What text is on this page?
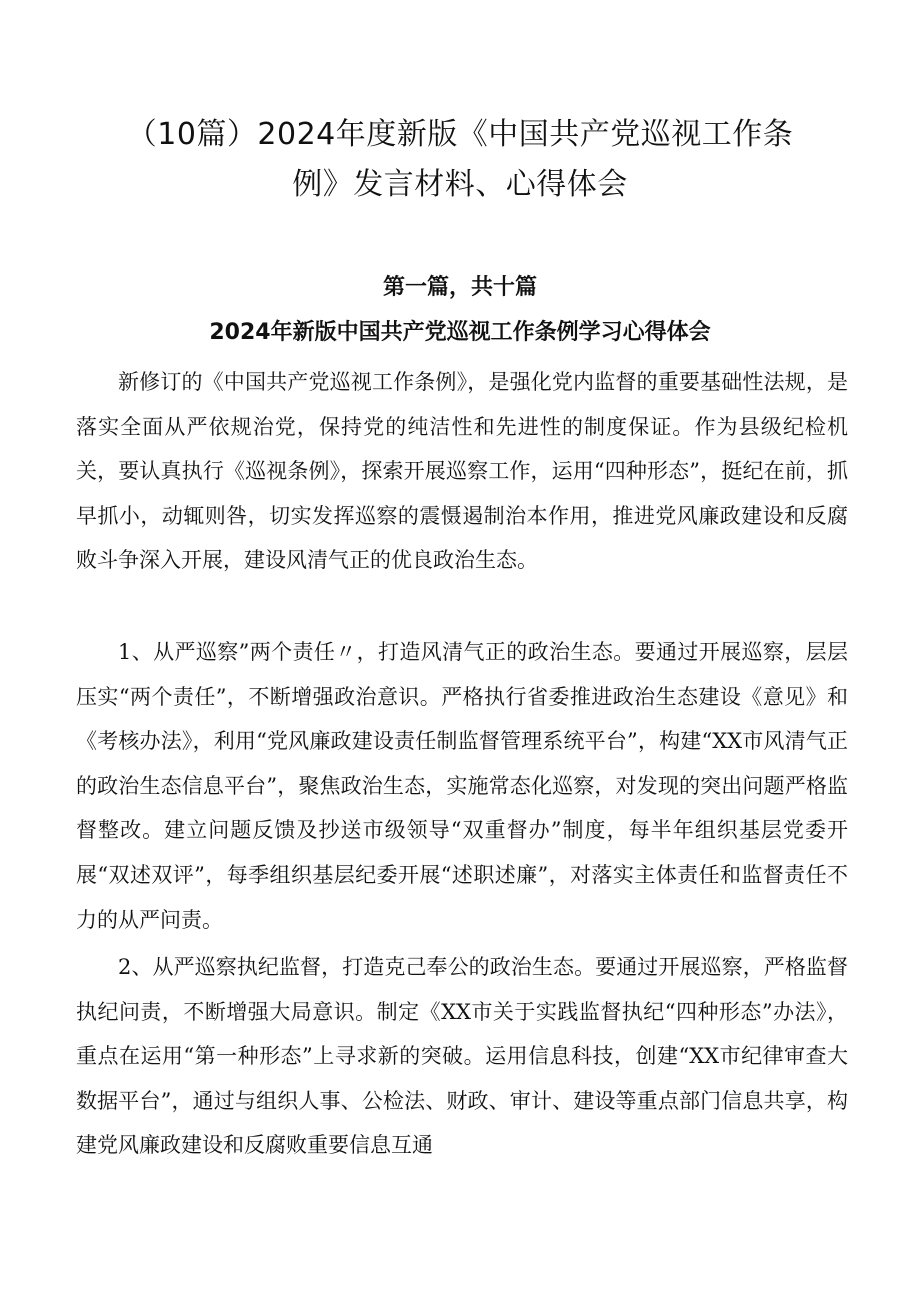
（10篇）2024年度新版《中国共产党巡视工作条例》发言材料、心得体会
第一篇，共十篇
2024年新版中国共产党巡视工作条例学习心得体会

新修订的《中国共产党巡视工作条例》，是强化党内监督的重要基础性法规，是落实全面从严依规治党，保持党的纯洁性和先进性的制度保证。作为县级纪检机关，要认真执行《巡视条例》，探索开展巡察工作，运用“四种形态”，挺纪在前，抓早抓小，动辄则咎，切实发挥巡察的震慑遏制治本作用，推进党风廉政建设和反腐败斗争深入开展，建设风清气正的优良政治生态。

1、从严巡察”两个责任〃，打造风清气正的政治生态。要通过开展巡察，层层压实“两个责任”，不断增强政治意识。严格执行省委推进政治生态建设《意见》和《考核办法》，利用“党风廉政建设责任制监督管理系统平台”，构建“XX市风清气正的政治生态信息平台”，聚焦政治生态，实施常态化巡察，对发现的突出问题严格监督整改。建立问题反馈及抄送市级领导“双重督办”制度，每半年组织基层党委开展“双述双评”，每季组织基层纪委开展“述职述廉”，对落实主体责任和监督责任不力的从严问责。

2、从严巡察执纪监督，打造克己奉公的政治生态。要通过开展巡察，严格监督执纪问责，不断增强大局意识。制定《XX市关于实践监督执纪“四种形态”办法》，重点在运用“第一种形态”上寻求新的突破。运用信息科技，创建“XX市纪律审查大数据平台”，通过与组织人事、公检法、财政、审计、建设等重点部门信息共享，构建党风廉政建设和反腐败重要信息互通
